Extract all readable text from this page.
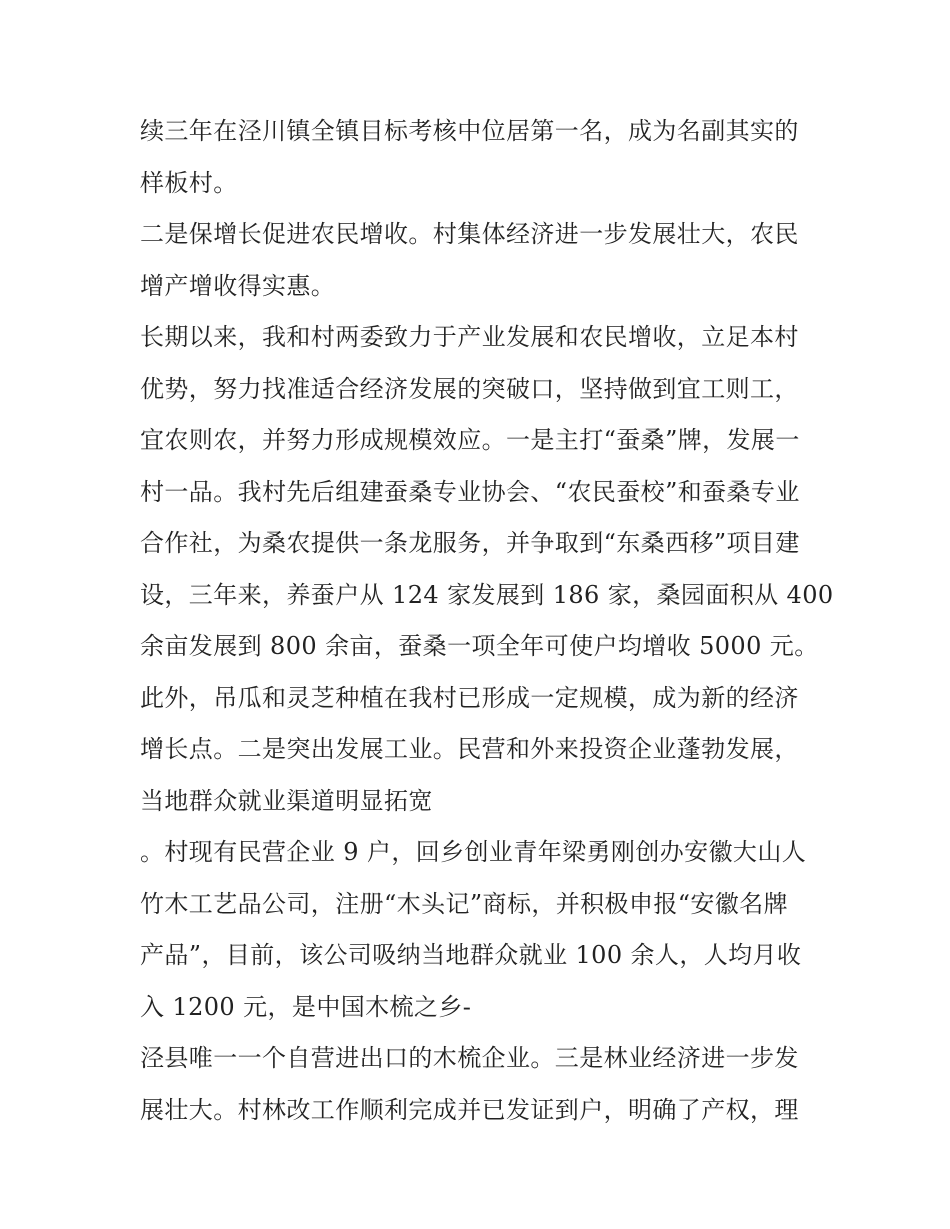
续三年在泾川镇全镇目标考核中位居第一名，成为名副其实的
样板村。
二是保增长促进农民增收。村集体经济进一步发展壮大，农民
增产增收得实惠。
长期以来，我和村两委致力于产业发展和农民增收，立足本村
优势，努力找准适合经济发展的突破口，坚持做到宜工则工，
宜农则农，并努力形成规模效应。一是主打“蚕桑”牌，发展一
村一品。我村先后组建蚕桑专业协会、“农民蚕校”和蚕桑专业
合作社，为桑农提供一条龙服务，并争取到“东桑西移”项目建
设，三年来，养蚕户从 124 家发展到 186 家，桑园面积从 400
余亩发展到 800 余亩，蚕桑一项全年可使户均增收 5000 元。
此外，吊瓜和灵芝种植在我村已形成一定规模，成为新的经济
增长点。二是突出发展工业。民营和外来投资企业蓬勃发展，
当地群众就业渠道明显拓宽
。村现有民营企业 9 户，回乡创业青年梁勇刚创办安徽大山人
竹木工艺品公司，注册“木头记”商标，并积极申报“安徽名牌
产品”，目前，该公司吸纳当地群众就业 100 余人，人均月收
入 1200 元，是中国木梳之乡-
泾县唯一一个自营进出口的木梳企业。三是林业经济进一步发
展壮大。村林改工作顺利完成并已发证到户，明确了产权，理
